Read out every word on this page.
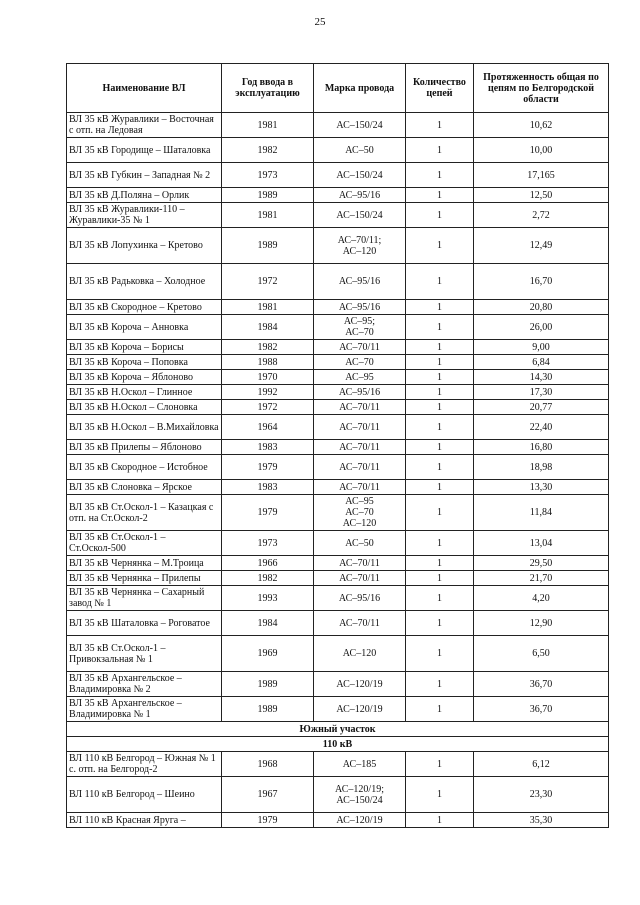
25
Наименование ВЛ	Год ввода в эксплуатацию	Марка провода	Количество цепей	Протяженность общая по цепям по Белгородской области
ВЛ 35 кВ Журавлики – Восточная с отп. на Ледовая	1981	АС–150/24	1	10,62
ВЛ 35 кВ Городище – Шаталовка	1982	АС–50	1	10,00
ВЛ 35 кВ Губкин – Западная № 2	1973	АС–150/24	1	17,165
ВЛ 35 кВ Д.Поляна – Орлик	1989	АС–95/16	1	12,50
ВЛ 35 кВ Журавлики-110 – Журавлики-35 № 1	1981	АС–150/24	1	2,72
ВЛ 35 кВ Лопухинка – Кретово	1989	АС–70/11;
АС–120	1	12,49
ВЛ 35 кВ Радьковка – Холодное	1972	АС–95/16	1	16,70
ВЛ 35 кВ Скородное – Кретово	1981	АС–95/16	1	20,80
ВЛ 35 кВ Короча – Анновка	1984	АС–95;
АС–70	1	26,00
ВЛ 35 кВ Короча – Борисы	1982	АС–70/11	1	9,00
ВЛ 35 кВ Короча – Поповка	1988	АС–70	1	6,84
ВЛ 35 кВ Короча – Яблоново	1970	АС–95	1	14,30
ВЛ 35 кВ Н.Оскол – Глинное	1992	АС–95/16	1	17,30
ВЛ 35 кВ Н.Оскол – Слоновка	1972	АС–70/11	1	20,77
ВЛ 35 кВ Н.Оскол – В.Михайловка	1964	АС–70/11	1	22,40
ВЛ 35 кВ Прилепы – Яблоново	1983	АС–70/11	1	16,80
ВЛ 35 кВ Скородное – Истобное	1979	АС–70/11	1	18,98
ВЛ 35 кВ Слоновка – Ярское	1983	АС–70/11	1	13,30
ВЛ 35 кВ Ст.Оскол-1 – Казацкая с отп. на Ст.Оскол-2	1979	АС–95
АС–70
АС–120	1	11,84
ВЛ 35 кВ Ст.Оскол-1 – Ст.Оскол-500	1973	АС–50	1	13,04
ВЛ 35 кВ Чернянка – М.Троица	1966	АС–70/11	1	29,50
ВЛ 35 кВ Чернянка – Прилепы	1982	АС–70/11	1	21,70
ВЛ 35 кВ Чернянка – Сахарный завод № 1	1993	АС–95/16	1	4,20
ВЛ 35 кВ Шаталовка – Роговатое	1984	АС–70/11	1	12,90
ВЛ 35 кВ Ст.Оскол-1 – Привокзальная № 1	1969	АС–120	1	6,50
ВЛ 35 кВ Архангельское – Владимировка № 2	1989	АС–120/19	1	36,70
ВЛ 35 кВ Архангельское – Владимировка № 1	1989	АС–120/19	1	36,70
Южный участок				
110 кВ				
ВЛ 110 кВ Белгород – Южная № 1 с. отп. на Белгород-2	1968	АС–185	1	6,12
ВЛ 110 кВ Белгород – Шеино	1967	АС–120/19;
АС–150/24	1	23,30
ВЛ 110 кВ Красная Яруга –	1979	АС–120/19	1	35,30
